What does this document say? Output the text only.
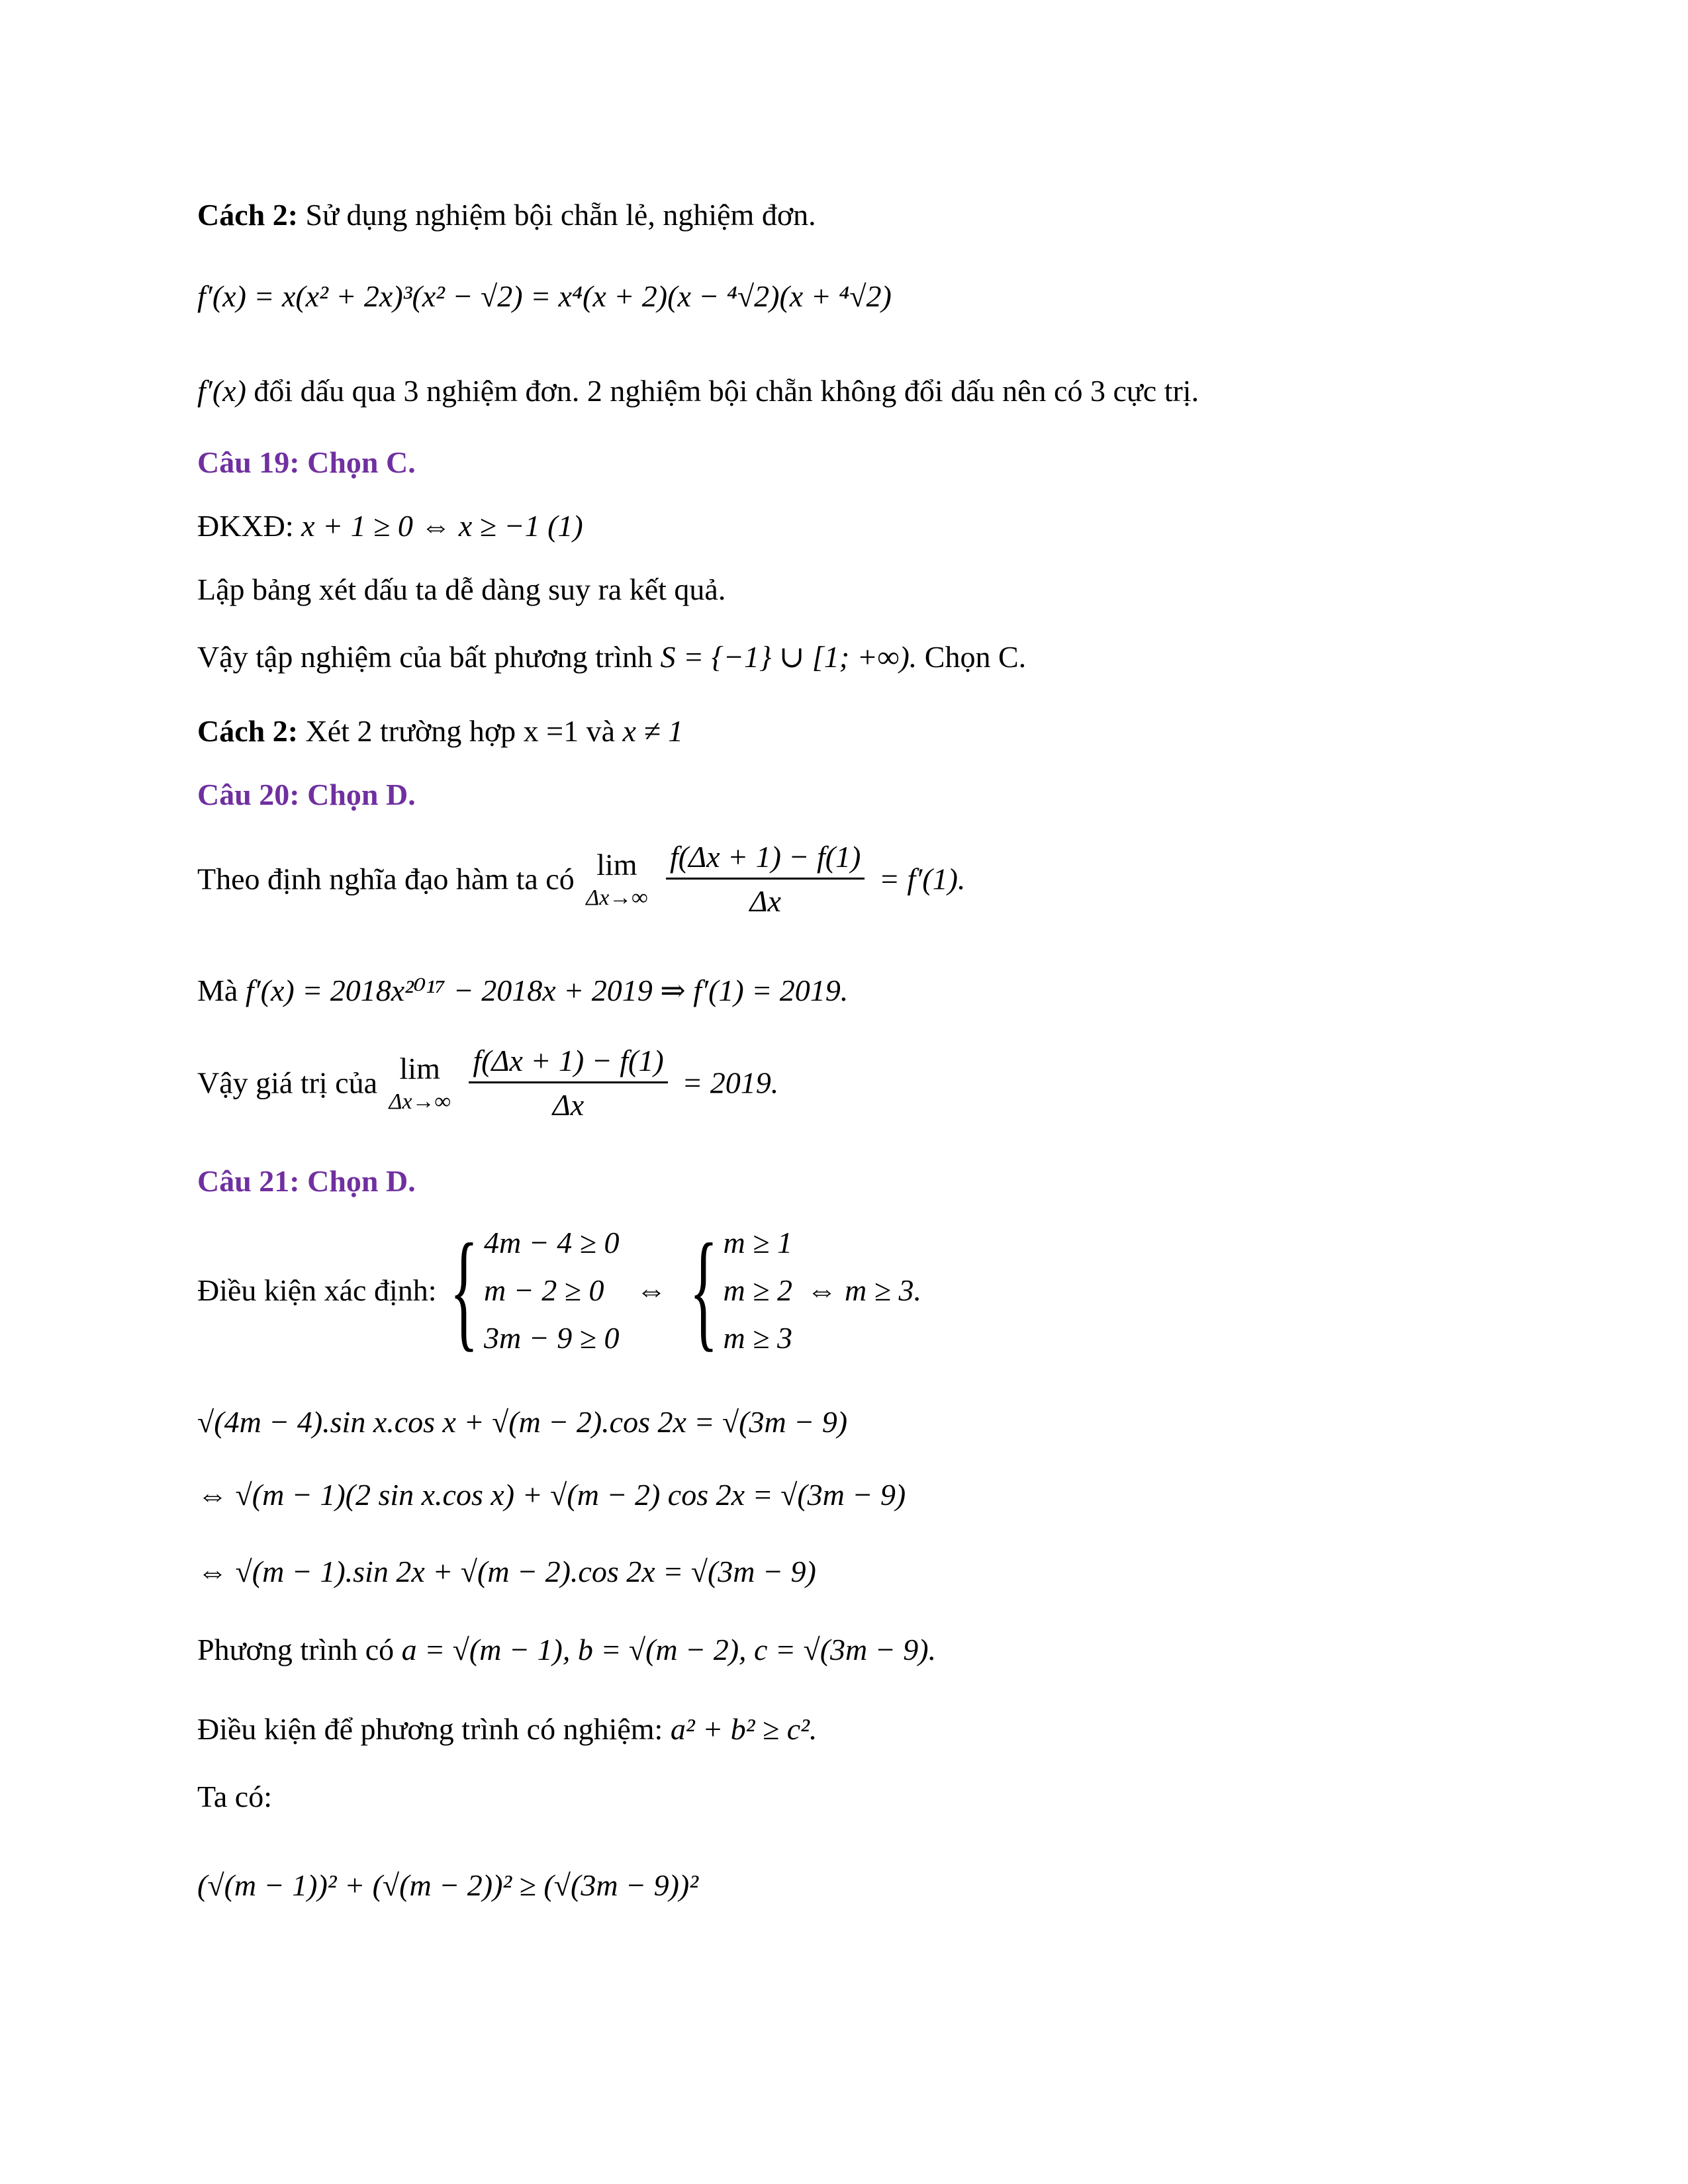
Cách 2: Sử dụng nghiệm bội chẵn lẻ, nghiệm đơn.
f′(x) = x(x² + 2x)³(x² − √2) = x⁴(x + 2)(x − ⁴√2)(x + ⁴√2)
f′(x) đổi dấu qua 3 nghiệm đơn. 2 nghiệm bội chẵn không đổi dấu nên có 3 cực trị.
Câu 19: Chọn C.
ĐKXĐ: x + 1 ≥ 0 ⇔ x ≥ −1 (1)
Lập bảng xét dấu ta dễ dàng suy ra kết quả.
Vậy tập nghiệm của bất phương trình S = {−1} ∪ [1; +∞). Chọn C.
Cách 2: Xét 2 trường hợp x =1 và x ≠ 1
Câu 20: Chọn D.
Theo định nghĩa đạo hàm ta có lim
Δx→∞
$\frac{f(\Delta x + 1) - f(1)}{\Delta x} = f'(1)$.
Mà f′(x) = 2018x²⁰¹⁷ − 2018x + 2019 ⇒ f′(1) = 2019.
Vậy giá trị của lim
Δx→∞
$\frac{f(\Delta x + 1) - f(1)}{\Delta x} = 2019$.
Câu 21: Chọn D.
Điều kiện xác định: { 4m − 4 ≥ 0
m − 2 ≥ 0
3m − 9 ≥ 0
⇔ { m ≥ 1
m ≥ 2
m ≥ 3
⇔ m ≥ 3.
√(4m − 4).sin x.cos x + √(m − 2).cos 2x = √(3m − 9)
⇔ √(m − 1)(2 sin x.cos x) + √(m − 2) cos 2x = √(3m − 9)
⇔ √(m − 1).sin 2x + √(m − 2).cos 2x = √(3m − 9)
Phương trình có a = √(m − 1), b = √(m − 2), c = √(3m − 9).
Điều kiện để phương trình có nghiệm: a² + b² ≥ c².
Ta có:
(√(m − 1))² + (√(m − 2))² ≥ (√(3m − 9))²
